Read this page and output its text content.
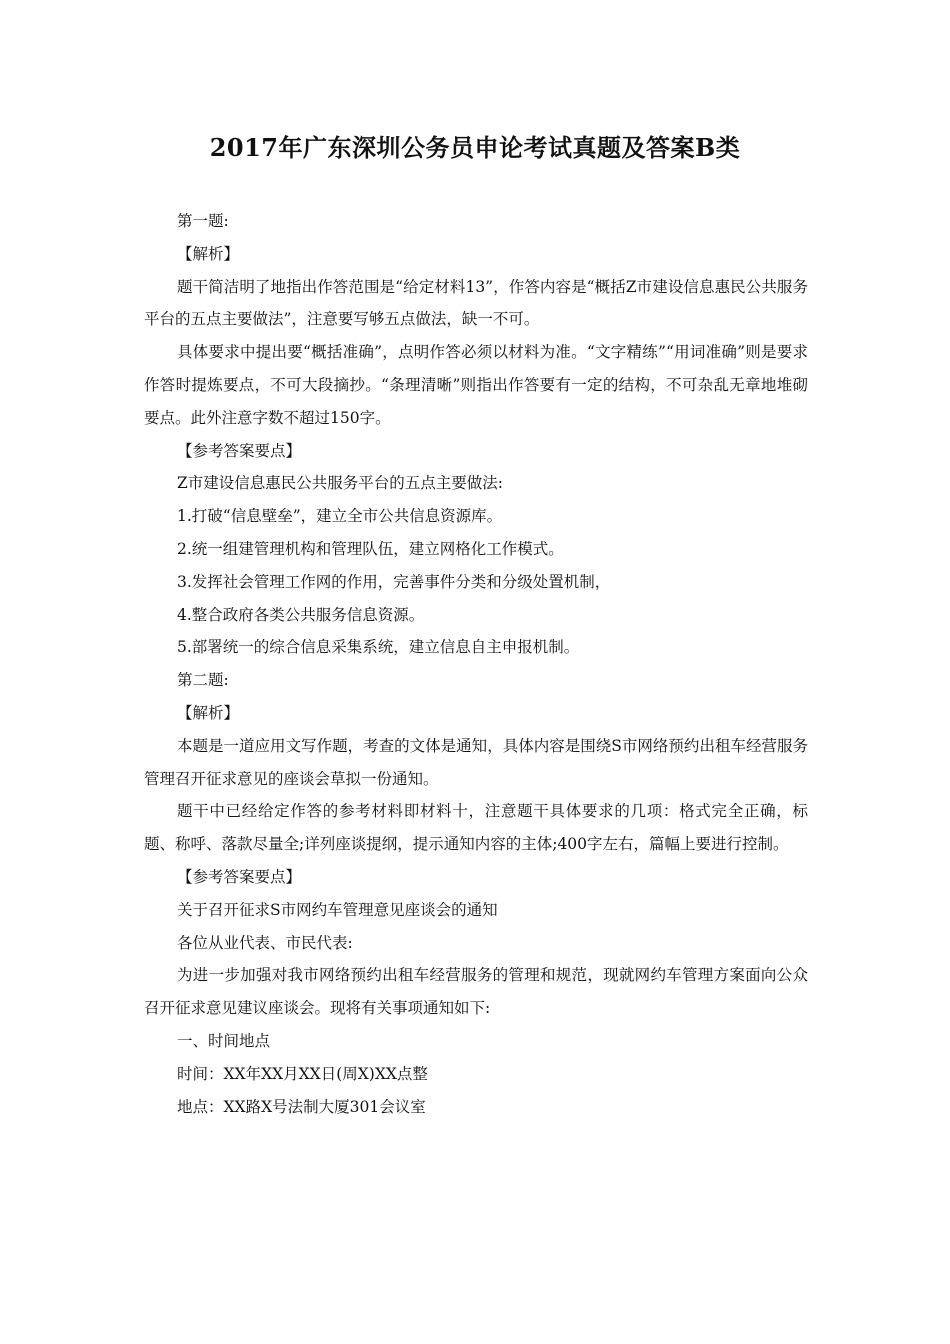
2017年广东深圳公务员申论考试真题及答案B类

第一题:

【解析】

题干简洁明了地指出作答范围是“给定材料13”，作答内容是“概括Z市建设信息惠民公共服务平台的五点主要做法”，注意要写够五点做法，缺一不可。

具体要求中提出要“概括准确”，点明作答必须以材料为准。“文字精练”“用词准确”则是要求作答时提炼要点，不可大段摘抄。“条理清晰”则指出作答要有一定的结构，不可杂乱无章地堆砌要点。此外注意字数不超过150字。

【参考答案要点】

Z市建设信息惠民公共服务平台的五点主要做法:

1.打破“信息壁垒”，建立全市公共信息资源库。

2.统一组建管理机构和管理队伍，建立网格化工作模式。

3.发挥社会管理工作网的作用，完善事件分类和分级处置机制，

4.整合政府各类公共服务信息资源。

5.部署统一的综合信息采集系统，建立信息自主申报机制。

第二题:

【解析】

本题是一道应用文写作题，考查的文体是通知，具体内容是围绕S市网络预约出租车经营服务管理召开征求意见的座谈会草拟一份通知。

题干中已经给定作答的参考材料即材料十，注意题干具体要求的几项：格式完全正确，标题、称呼、落款尽量全;详列座谈提纲，提示通知内容的主体;400字左右，篇幅上要进行控制。

【参考答案要点】

关于召开征求S市网约车管理意见座谈会的通知

各位从业代表、市民代表:

为进一步加强对我市网络预约出租车经营服务的管理和规范，现就网约车管理方案面向公众召开征求意见建议座谈会。现将有关事项通知如下:

一、时间地点

时间：XX年XX月XX日(周X)XX点整

地点：XX路X号法制大厦301会议室
